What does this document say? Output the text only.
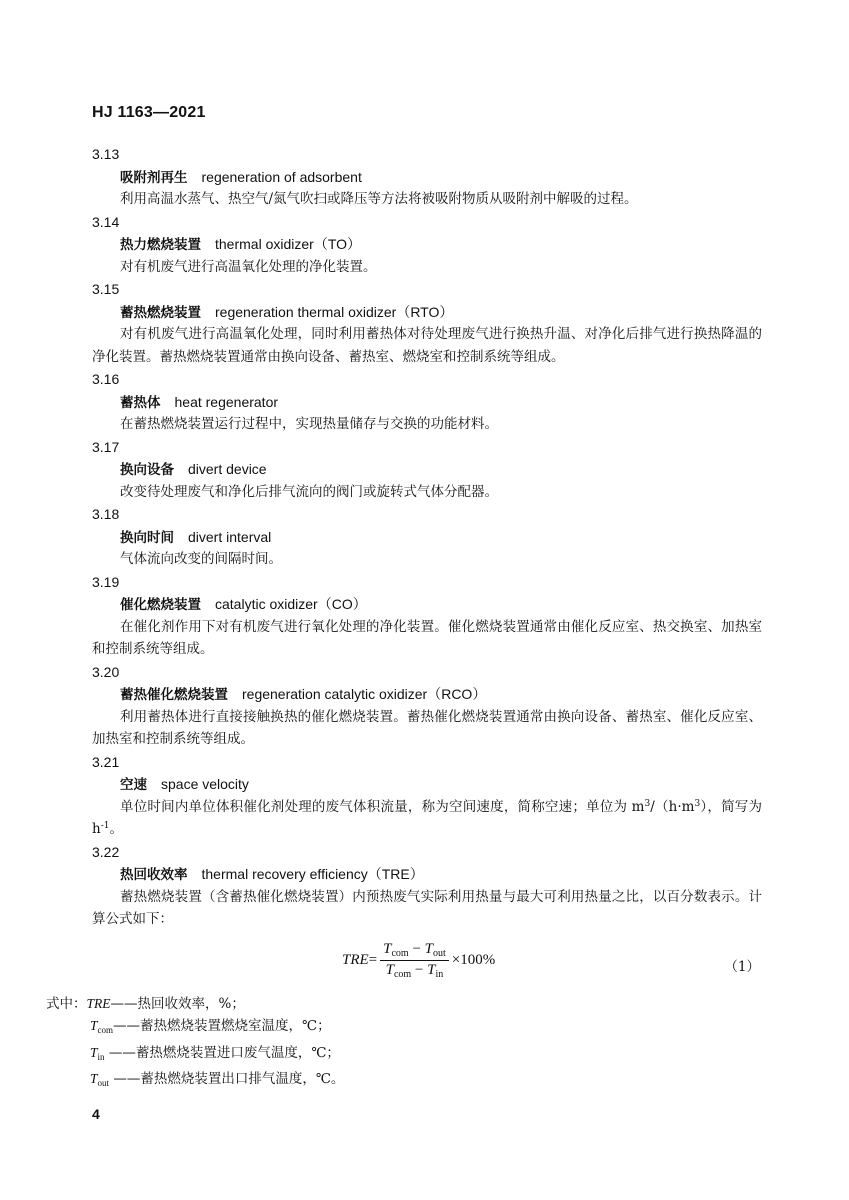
HJ 1163—2021
3.13
吸附剂再生 regeneration of adsorbent
利用高温水蒸气、热空气/氮气吹扫或降压等方法将被吸附物质从吸附剂中解吸的过程。
3.14
热力燃烧装置 thermal oxidizer（TO）
对有机废气进行高温氧化处理的净化装置。
3.15
蓄热燃烧装置 regeneration thermal oxidizer（RTO）
对有机废气进行高温氧化处理，同时利用蓄热体对待处理废气进行换热升温、对净化后排气进行换热降温的净化装置。蓄热燃烧装置通常由换向设备、蓄热室、燃烧室和控制系统等组成。
3.16
蓄热体 heat regenerator
在蓄热燃烧装置运行过程中，实现热量储存与交换的功能材料。
3.17
换向设备 divert device
改变待处理废气和净化后排气流向的阀门或旋转式气体分配器。
3.18
换向时间 divert interval
气体流向改变的间隔时间。
3.19
催化燃烧装置 catalytic oxidizer（CO）
在催化剂作用下对有机废气进行氧化处理的净化装置。催化燃烧装置通常由催化反应室、热交换室、加热室和控制系统等组成。
3.20
蓄热催化燃烧装置 regeneration catalytic oxidizer（RCO）
利用蓄热体进行直接接触换热的催化燃烧装置。蓄热催化燃烧装置通常由换向设备、蓄热室、催化反应室、加热室和控制系统等组成。
3.21
空速 space velocity
单位时间内单位体积催化剂处理的废气体积流量，称为空间速度，简称空速；单位为 $m^3/(h\cdot m^3)$，简写为 $h^{-1}$。
3.22
热回收效率 thermal recovery efficiency（TRE）
蓄热燃烧装置（含蓄热催化燃烧装置）内预热废气实际利用热量与最大可利用热量之比，以百分数表示。计算公式如下：
TRE = $\frac{T_{com} - T_{out}}{T_{com} - T_{in}} \times 100\%$	（1）
式中：TRE——热回收效率，%；
$T_{com}——$蓄热燃烧装置燃烧室温度，℃；
$T_{in}$ ——蓄热燃烧装置进口废气温度，℃；
$T_{out}$ ——蓄热燃烧装置出口排气温度，℃。
4
